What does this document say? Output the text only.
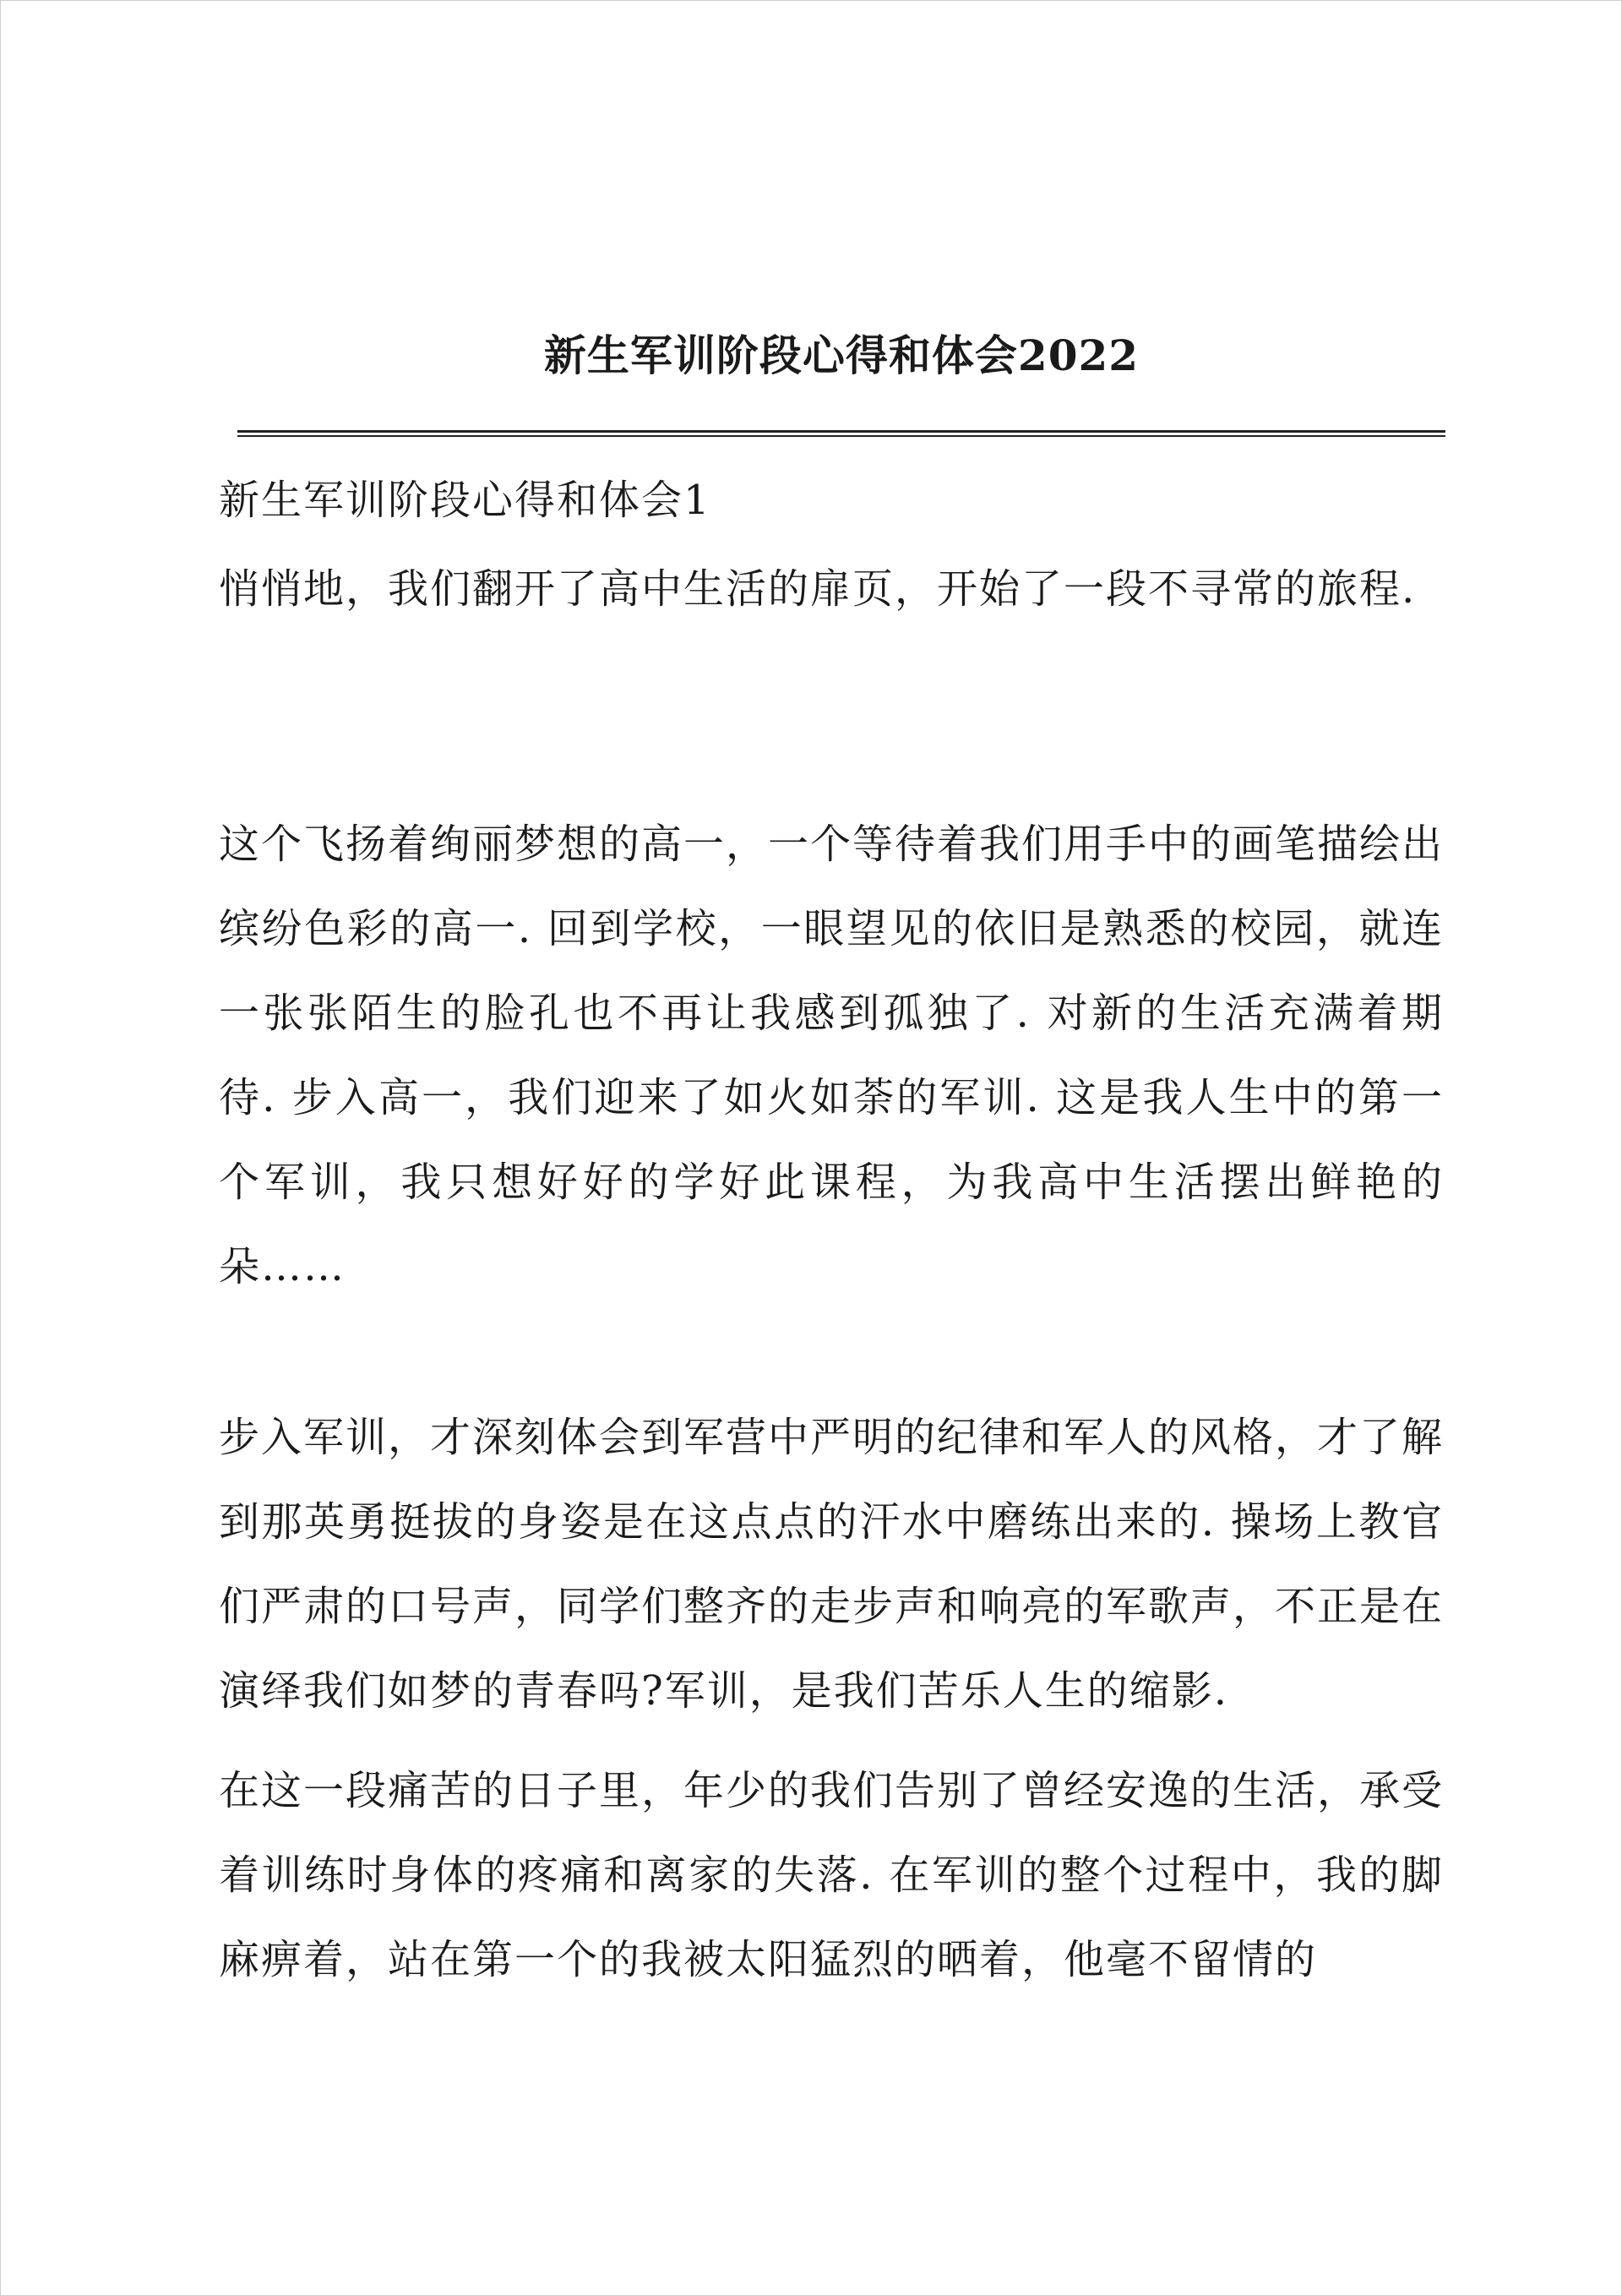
新生军训阶段心得和体会2022

新生军训阶段心得和体会1

悄悄地，我们翻开了高中生活的扉页，开始了一段不寻常的旅程.

这个飞扬着绚丽梦想的高一，一个等待着我们用手中的画笔描绘出缤纷色彩的高一. 回到学校，一眼望见的依旧是熟悉的校园，就连一张张陌生的脸孔也不再让我感到孤独了. 对新的生活充满着期待. 步入高一，我们迎来了如火如荼的军训. 这是我人生中的第一个军训，我只想好好的学好此课程，为我高中生活摆出鲜艳的朵……

步入军训，才深刻体会到军营中严明的纪律和军人的风格，才了解到那英勇挺拔的身姿是在这点点的汗水中磨练出来的. 操场上教官们严肃的口号声，同学们整齐的走步声和响亮的军歌声，不正是在演绎我们如梦的青春吗?军训，是我们苦乐人生的缩影.

在这一段痛苦的日子里，年少的我们告别了曾经安逸的生活，承受着训练时身体的疼痛和离家的失落. 在军训的整个过程中，我的脚麻痹着，站在第一个的我被太阳猛烈的晒着，他毫不留情的
